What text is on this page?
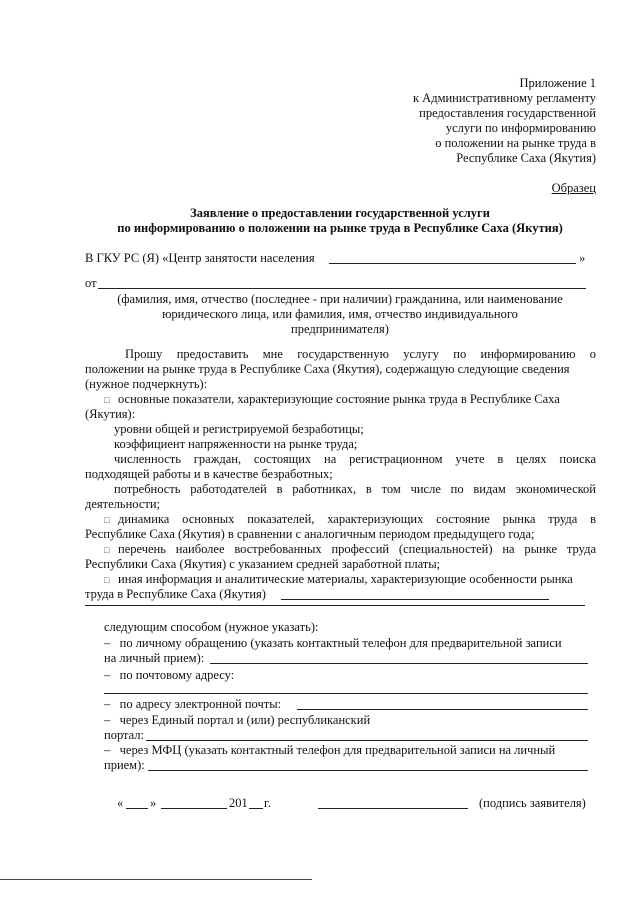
Приложение 1
к Административному регламенту
предоставления государственной
услуги по информированию
о положении на рынке труда в
Республике Саха (Якутия)
Образец
Заявление о предоставлении государственной услуги
по информированию о положении на рынке труда в Республике Саха (Якутия)
В ГКУ РС (Я) «Центр занятости населения	»
от
(фамилия, имя, отчество (последнее - при наличии) гражданина, или наименование
юридического лица, или фамилия, имя, отчество индивидуального
предпринимателя)
Прошу предоставить мне государственную услугу по информированию о
положении на рынке труда в Республике Саха (Якутия), содержащую следующие сведения
(нужное подчеркнуть):
□ основные показатели, характеризующие состояние рынка труда в Республике Саха
(Якутия):
уровни общей и регистрируемой безработицы;
коэффициент напряженности на рынке труда;
численность граждан, состоящих на регистрационном учете в целях поиска
подходящей работы и в качестве безработных;
потребность работодателей в работниках, в том числе по видам экономической
деятельности;
□ динамика основных показателей, характеризующих состояние рынка труда в
Республике Саха (Якутия) в сравнении с аналогичным периодом предыдущего года;
□ перечень наиболее востребованных профессий (специальностей) на рынке труда
Республики Саха (Якутия) с указанием средней заработной платы;
□ иная информация и аналитические материалы, характеризующие особенности рынка
труда в Республике Саха (Якутия)
следующим способом (нужное указать):
– по личному обращению (указать контактный телефон для предварительной записи
на личный прием):
– по почтовому адресу:
– по адресу электронной почты:
– через Единый портал и (или) республиканский
портал:
– через МФЦ (указать контактный телефон для предварительной записи на личный
прием):
« »	201 г.	(подпись заявителя)
